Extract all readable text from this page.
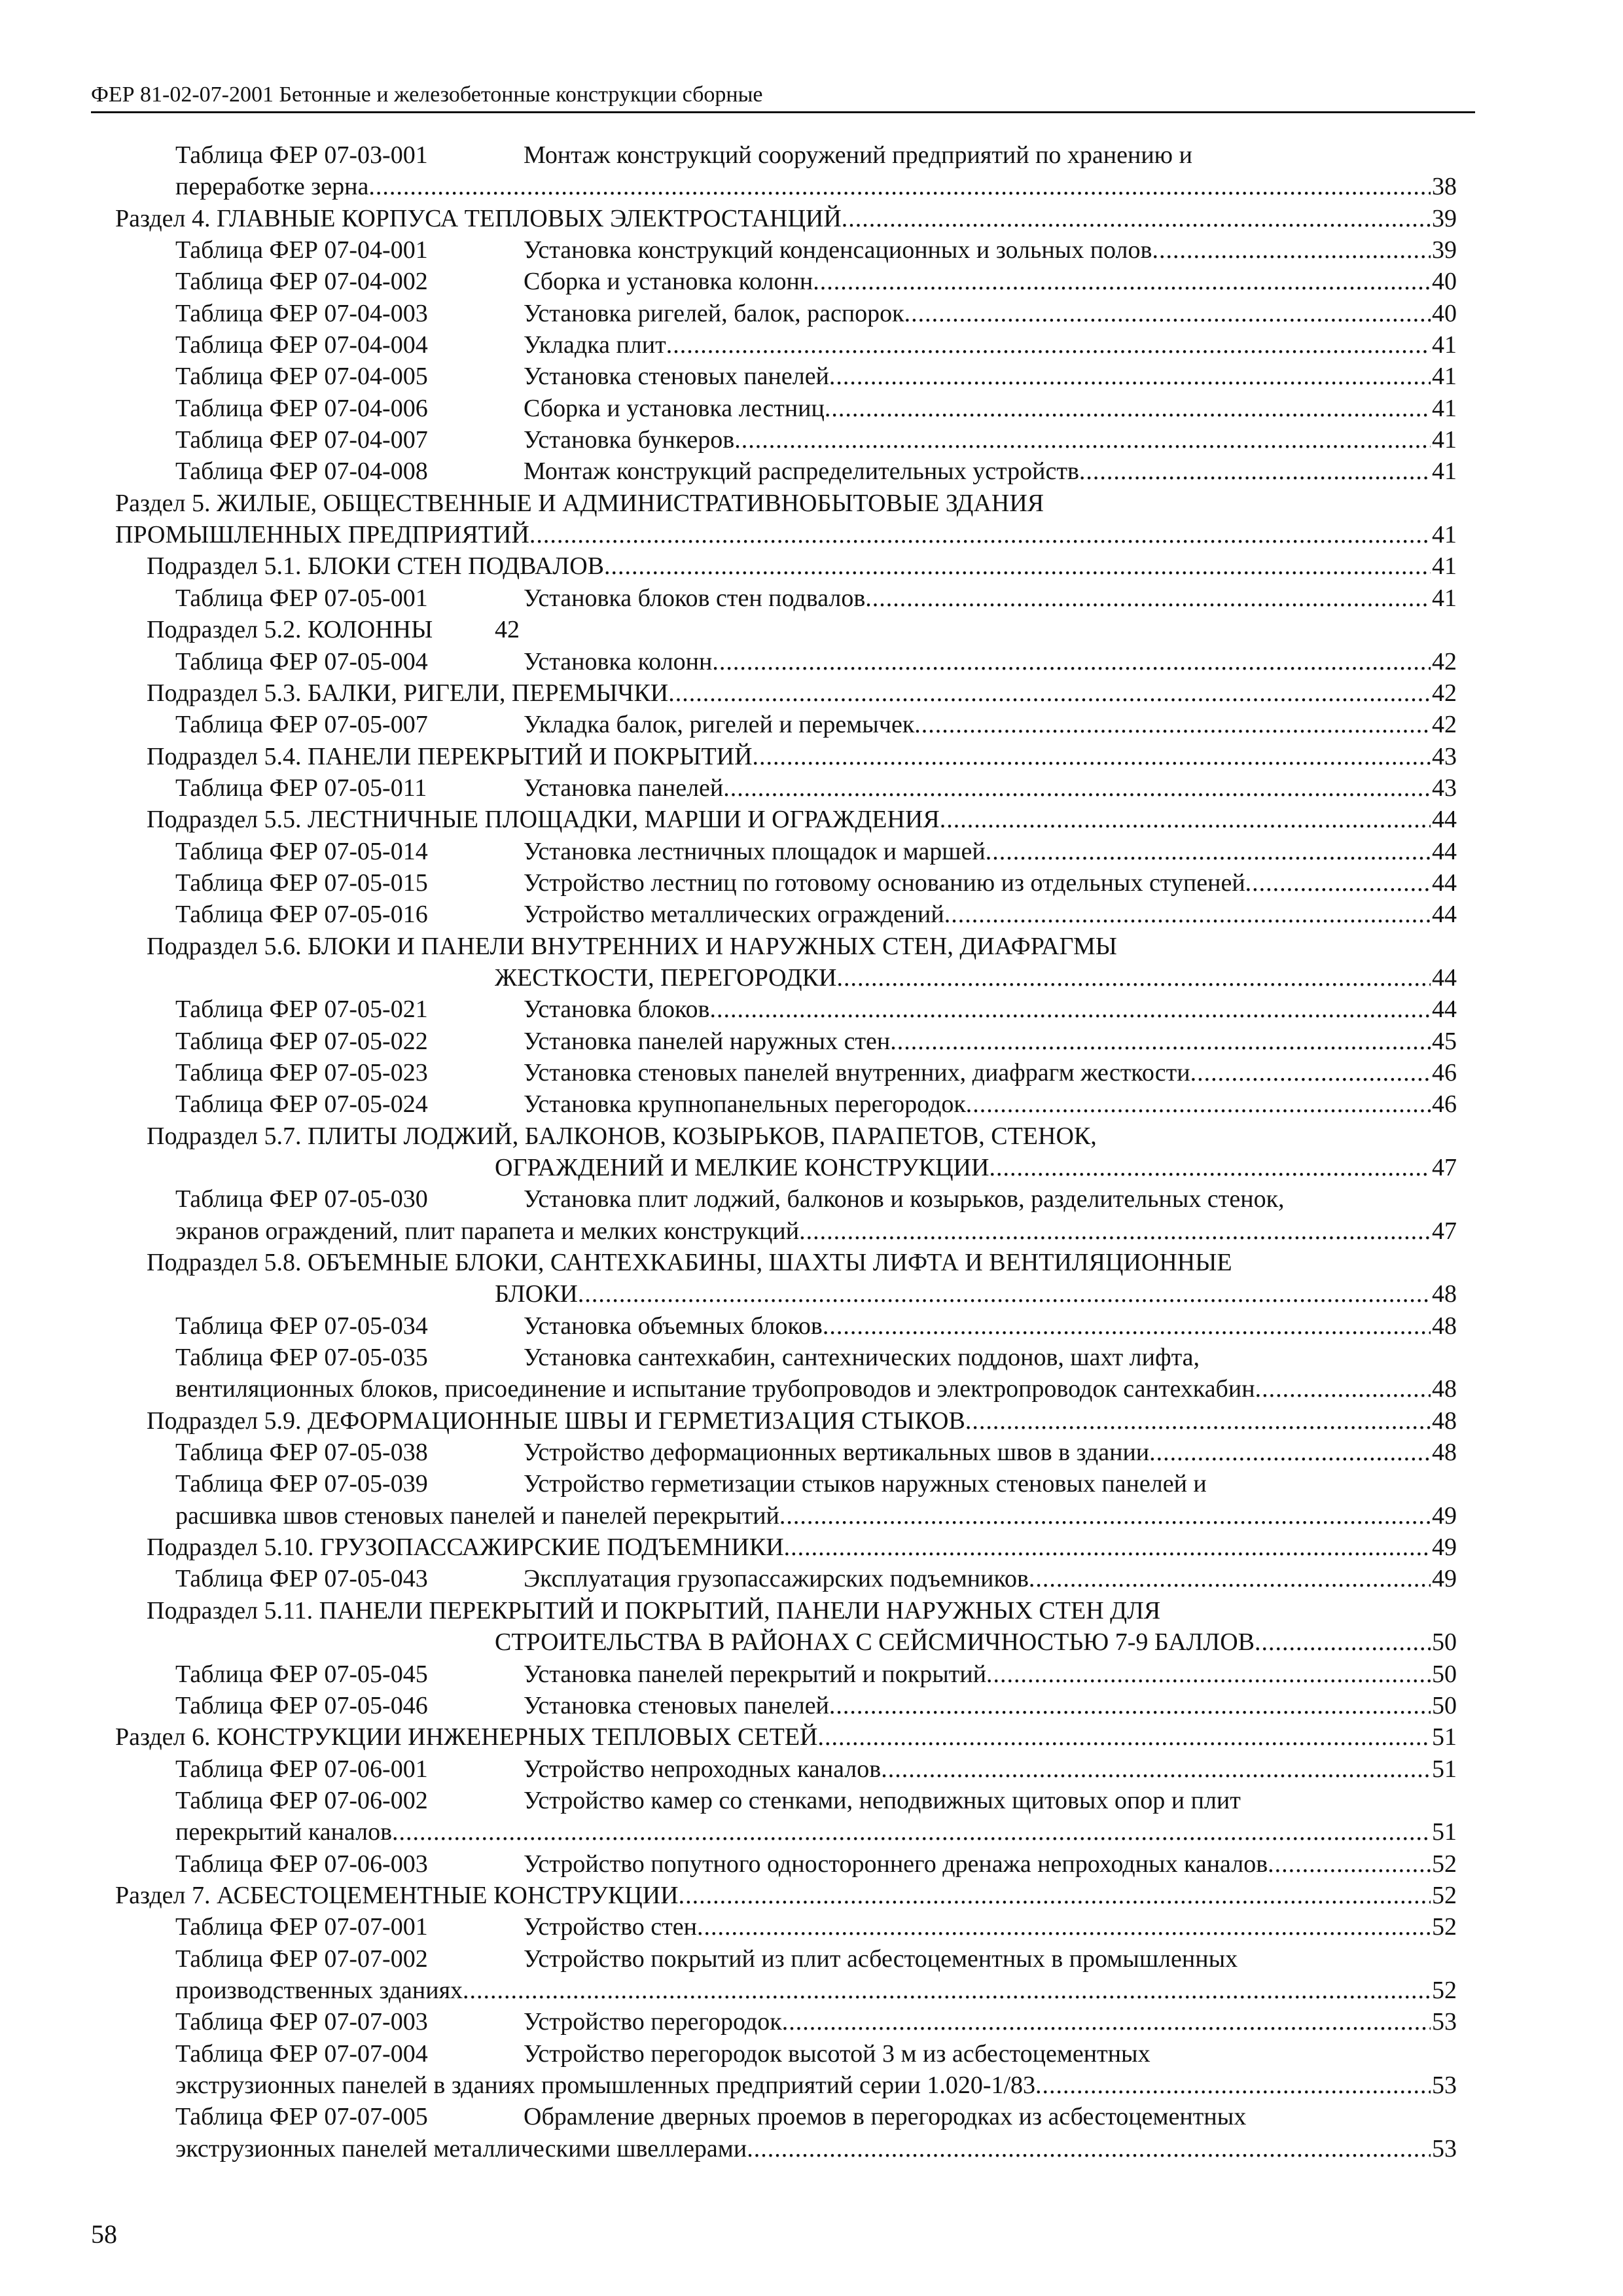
ФЕР 81-02-07-2001 Бетонные и железобетонные конструкции сборные
Таблица ФЕР 07-03-001	Монтаж конструкций сооружений предприятий по хранению и
переработке зерна .....	38
Раздел 4. ГЛАВНЫЕ КОРПУСА ТЕПЛОВЫХ ЭЛЕКТРОСТАНЦИЙ .....	39
Таблица ФЕР 07-04-001	Установка конструкций конденсационных и зольных полов .....	39
Таблица ФЕР 07-04-002	Сборка и установка колонн .....	40
Таблица ФЕР 07-04-003	Установка ригелей, балок, распорок .....	40
Таблица ФЕР 07-04-004	Укладка плит .....	41
Таблица ФЕР 07-04-005	Установка стеновых панелей .....	41
Таблица ФЕР 07-04-006	Сборка и установка лестниц .....	41
Таблица ФЕР 07-04-007	Установка бункеров .....	41
Таблица ФЕР 07-04-008	Монтаж конструкций распределительных устройств .....	41
Раздел 5. ЖИЛЫЕ, ОБЩЕСТВЕННЫЕ И АДМИНИСТРАТИВНОБЫТОВЫЕ ЗДАНИЯ
ПРОМЫШЛЕННЫХ ПРЕДПРИЯТИЙ .....	41
Подраздел 5.1. БЛОКИ СТЕН ПОДВАЛОВ .....	41
Таблица ФЕР 07-05-001	Установка блоков стен подвалов .....	41
Подраздел 5.2. КОЛОННЫ 42
Таблица ФЕР 07-05-004	Установка колонн .....	42
Подраздел 5.3. БАЛКИ, РИГЕЛИ, ПЕРЕМЫЧКИ .....	42
Таблица ФЕР 07-05-007	Укладка балок, ригелей и перемычек .....	42
Подраздел 5.4. ПАНЕЛИ ПЕРЕКРЫТИЙ И ПОКРЫТИЙ .....	43
Таблица ФЕР 07-05-011	Установка панелей .....	43
Подраздел 5.5. ЛЕСТНИЧНЫЕ ПЛОЩАДКИ, МАРШИ И ОГРАЖДЕНИЯ .....	44
Таблица ФЕР 07-05-014	Установка лестничных площадок и маршей .....	44
Таблица ФЕР 07-05-015	Устройство лестниц по готовому основанию из отдельных ступеней .....	44
Таблица ФЕР 07-05-016	Устройство металлических ограждений .....	44
Подраздел 5.6. БЛОКИ И ПАНЕЛИ ВНУТРЕННИХ И НАРУЖНЫХ СТЕН, ДИАФРАГМЫ
ЖЕСТКОСТИ, ПЕРЕГОРОДКИ .....	44
Таблица ФЕР 07-05-021	Установка блоков .....	44
Таблица ФЕР 07-05-022	Установка панелей наружных стен .....	45
Таблица ФЕР 07-05-023	Установка стеновых панелей внутренних, диафрагм жесткости .....	46
Таблица ФЕР 07-05-024	Установка крупнопанельных перегородок .....	46
Подраздел 5.7. ПЛИТЫ ЛОДЖИЙ, БАЛКОНОВ, КОЗЫРЬКОВ, ПАРАПЕТОВ, СТЕНОК,
ОГРАЖДЕНИЙ И МЕЛКИЕ КОНСТРУКЦИИ .....	47
Таблица ФЕР 07-05-030	Установка плит лоджий, балконов и козырьков, разделительных стенок,
экранов ограждений, плит парапета и мелких конструкций .....	47
Подраздел 5.8. ОБЪЕМНЫЕ БЛОКИ, САНТЕХКАБИНЫ, ШАХТЫ ЛИФТА И ВЕНТИЛЯЦИОННЫЕ
БЛОКИ .....	48
Таблица ФЕР 07-05-034	Установка объемных блоков .....	48
Таблица ФЕР 07-05-035	Установка сантехкабин, сантехнических поддонов, шахт лифта,
вентиляционных блоков, присоединение и испытание трубопроводов и электропроводок сантехкабин .....	48
Подраздел 5.9. ДЕФОРМАЦИОННЫЕ ШВЫ И ГЕРМЕТИЗАЦИЯ СТЫКОВ .....	48
Таблица ФЕР 07-05-038	Устройство деформационных вертикальных швов в здании .....	48
Таблица ФЕР 07-05-039	Устройство герметизации стыков наружных стеновых панелей и
расшивка швов стеновых панелей и панелей перекрытий .....	49
Подраздел 5.10. ГРУЗОПАССАЖИРСКИЕ ПОДЪЕМНИКИ .....	49
Таблица ФЕР 07-05-043	Эксплуатация грузопассажирских подъемников .....	49
Подраздел 5.11. ПАНЕЛИ ПЕРЕКРЫТИЙ И ПОКРЫТИЙ, ПАНЕЛИ НАРУЖНЫХ СТЕН ДЛЯ
СТРОИТЕЛЬСТВА В РАЙОНАХ С СЕЙСМИЧНОСТЬЮ 7-9 БАЛЛОВ .....	50
Таблица ФЕР 07-05-045	Установка панелей перекрытий и покрытий .....	50
Таблица ФЕР 07-05-046	Установка стеновых панелей .....	50
Раздел 6. КОНСТРУКЦИИ ИНЖЕНЕРНЫХ ТЕПЛОВЫХ СЕТЕЙ .....	51
Таблица ФЕР 07-06-001	Устройство непроходных каналов .....	51
Таблица ФЕР 07-06-002	Устройство камер со стенками, неподвижных щитовых опор и плит
перекрытий каналов .....	51
Таблица ФЕР 07-06-003	Устройство попутного одностороннего дренажа непроходных каналов .....	52
Раздел 7. АСБЕСТОЦЕМЕНТНЫЕ КОНСТРУКЦИИ .....	52
Таблица ФЕР 07-07-001	Устройство стен .....	52
Таблица ФЕР 07-07-002	Устройство покрытий из плит асбестоцементных в промышленных
производственных зданиях .....	52
Таблица ФЕР 07-07-003	Устройство перегородок .....	53
Таблица ФЕР 07-07-004	Устройство перегородок высотой 3 м из асбестоцементных
экструзионных панелей в зданиях промышленных предприятий серии 1.020-1/83 .....	53
Таблица ФЕР 07-07-005	Обрамление дверных проемов в перегородках из асбестоцементных
экструзионных панелей металлическими швеллерами .....	53
58
